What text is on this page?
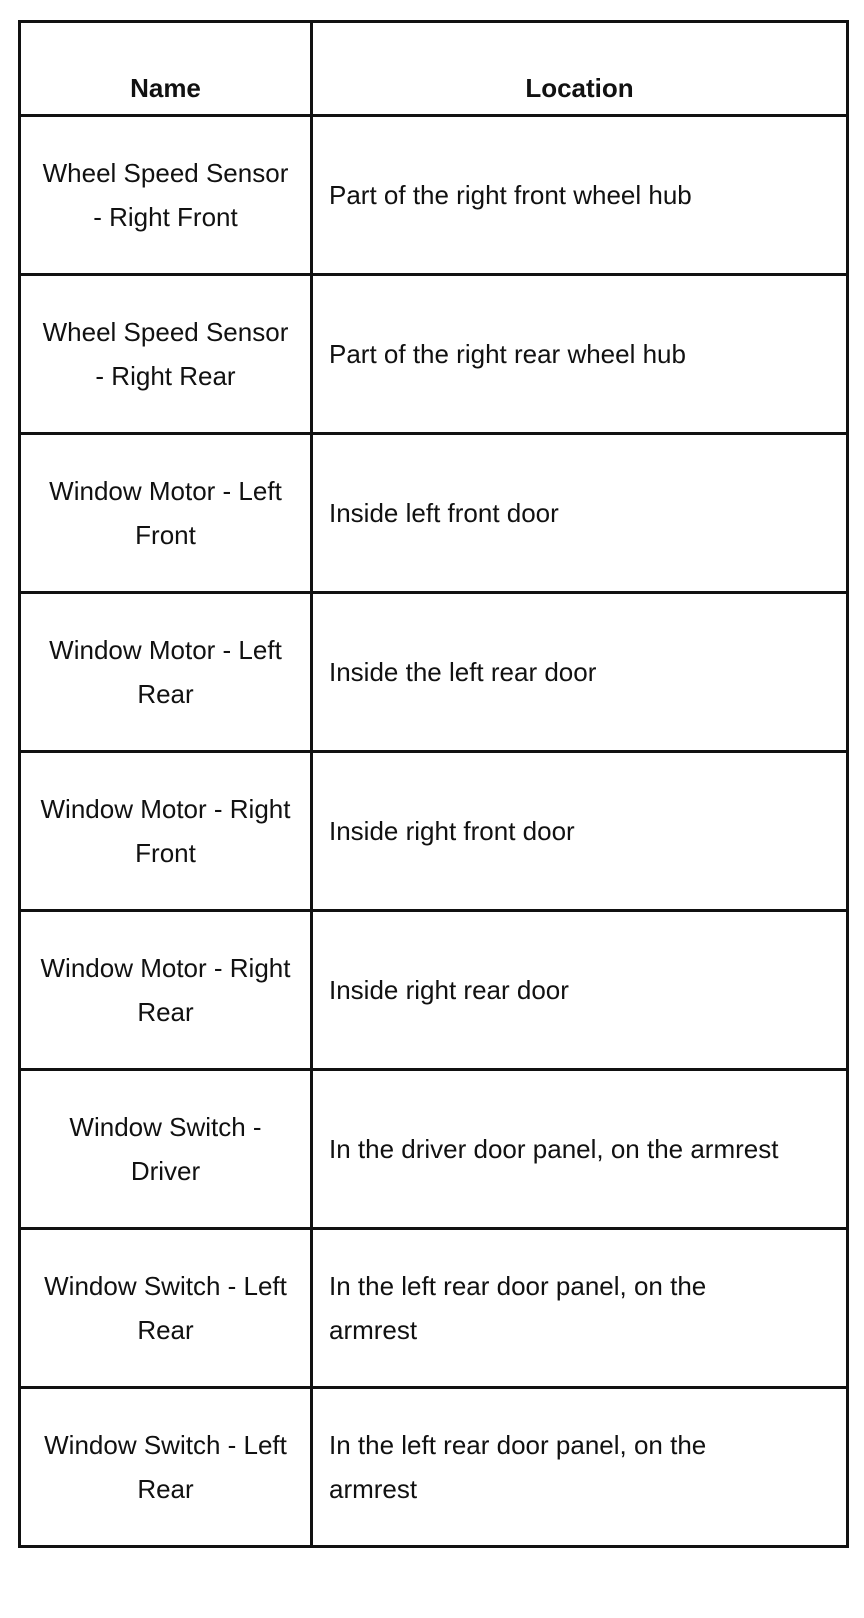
Name	Location
Wheel Speed Sensor - Right Front	Part of the right front wheel hub
Wheel Speed Sensor - Right Rear	Part of the right rear wheel hub
Window Motor - Left Front	Inside left front door
Window Motor - Left Rear	Inside the left rear door
Window Motor - Right Front	Inside right front door
Window Motor - Right Rear	Inside right rear door
Window Switch - Driver	In the driver door panel, on the armrest
Window Switch - Left Rear	In the left rear door panel, on the armrest
Window Switch - Left Rear	In the left rear door panel, on the armrest
